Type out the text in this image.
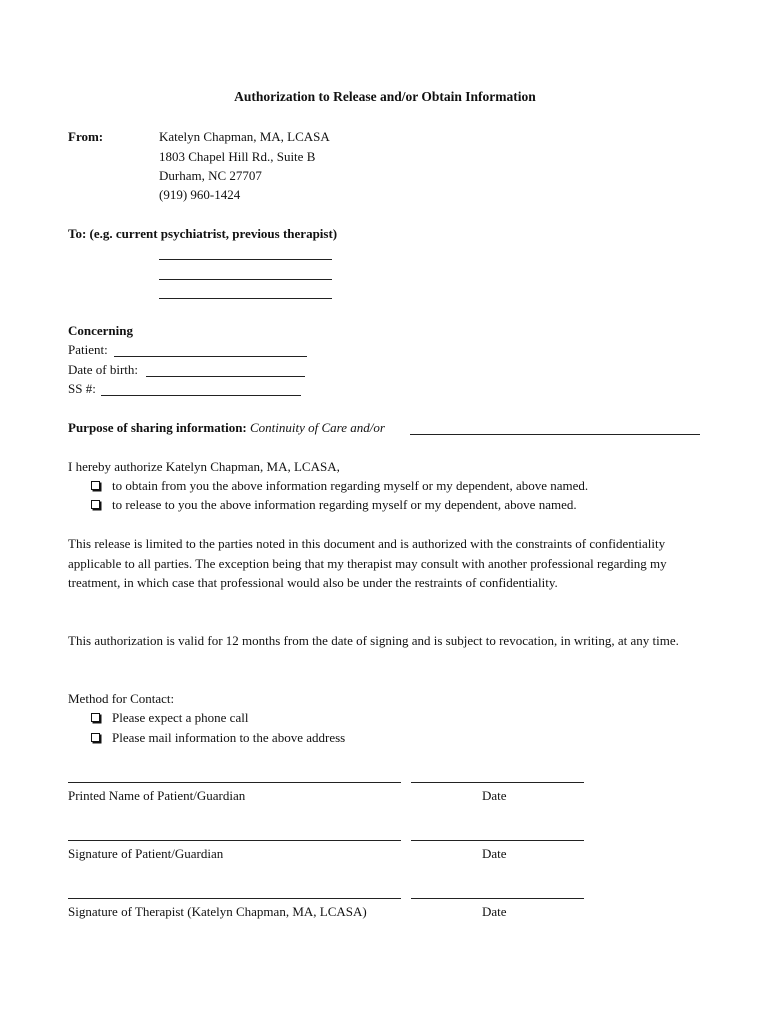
Authorization to Release and/or Obtain Information
From:	Katelyn Chapman, MA, LCASA
1803 Chapel Hill Rd., Suite B
Durham, NC 27707
(919) 960-1424
To: (e.g. current psychiatrist, previous therapist)
Concerning
Patient:
Date of birth:
SS #:
Purpose of sharing information: Continuity of Care and/or
I hereby authorize Katelyn Chapman, MA, LCASA,
to obtain from you the above information regarding myself or my dependent, above named.
to release to you the above information regarding myself or my dependent, above named.
This release is limited to the parties noted in this document and is authorized with the constraints of confidentiality applicable to all parties. The exception being that my therapist may consult with another professional regarding my treatment, in which case that professional would also be under the restraints of confidentiality.
This authorization is valid for 12 months from the date of signing and is subject to revocation, in writing, at any time.
Method for Contact:
Please expect a phone call
Please mail information to the above address
Printed Name of Patient/Guardian	Date
Signature of Patient/Guardian	Date
Signature of Therapist (Katelyn Chapman, MA, LCASA)	Date
